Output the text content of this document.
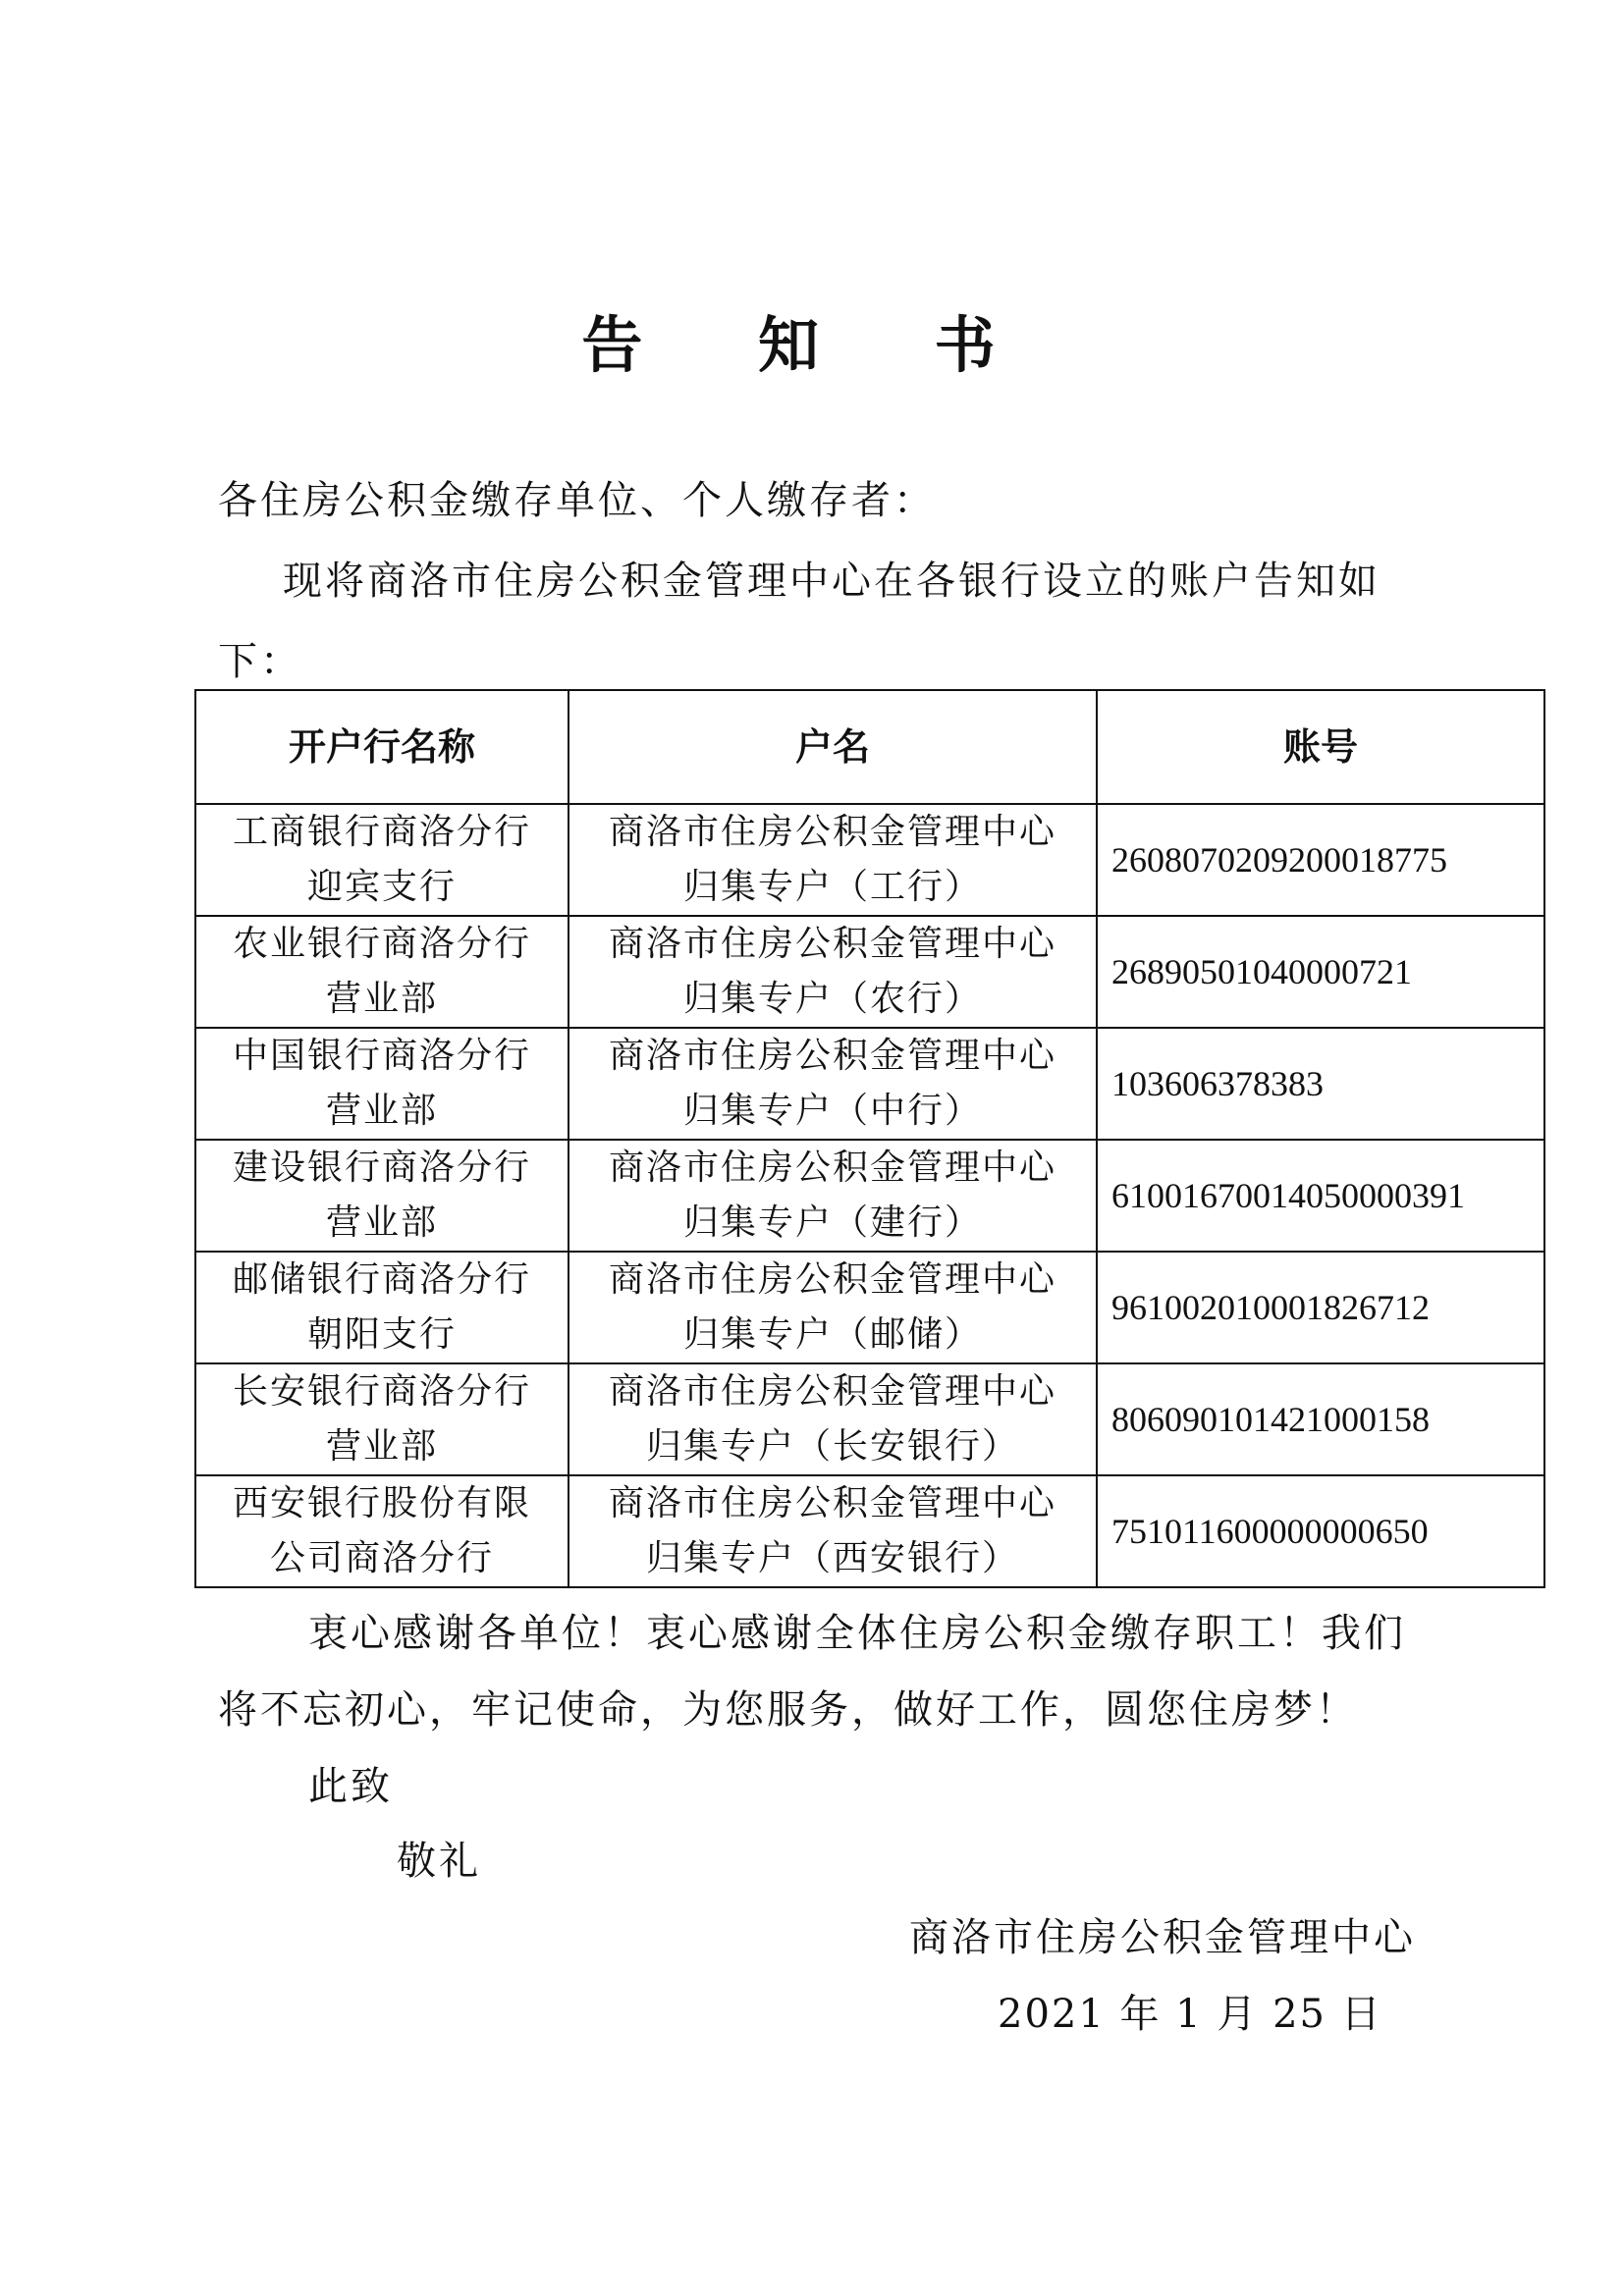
告 知 书
各住房公积金缴存单位、个人缴存者：
现将商洛市住房公积金管理中心在各银行设立的账户告知如
下：
开户行名称	户名	账号

工商银行商洛分行
迎宾支行	商洛市住房公积金管理中心
归集专户（工行）	2608070209200018775

农业银行商洛分行
营业部	商洛市住房公积金管理中心
归集专户（农行）	26890501040000721

中国银行商洛分行
营业部	商洛市住房公积金管理中心
归集专户（中行）	103606378383

建设银行商洛分行
营业部	商洛市住房公积金管理中心
归集专户（建行）	61001670014050000391

邮储银行商洛分行
朝阳支行	商洛市住房公积金管理中心
归集专户（邮储）	961002010001826712

长安银行商洛分行
营业部	商洛市住房公积金管理中心
归集专户（长安银行）	806090101421000158

西安银行股份有限
公司商洛分行	商洛市住房公积金管理中心
归集专户（西安银行）	751011600000000650
衷心感谢各单位！衷心感谢全体住房公积金缴存职工！我们
将不忘初心，牢记使命，为您服务，做好工作，圆您住房梦！
此致
敬礼
商洛市住房公积金管理中心
2021 年 1 月 25 日
